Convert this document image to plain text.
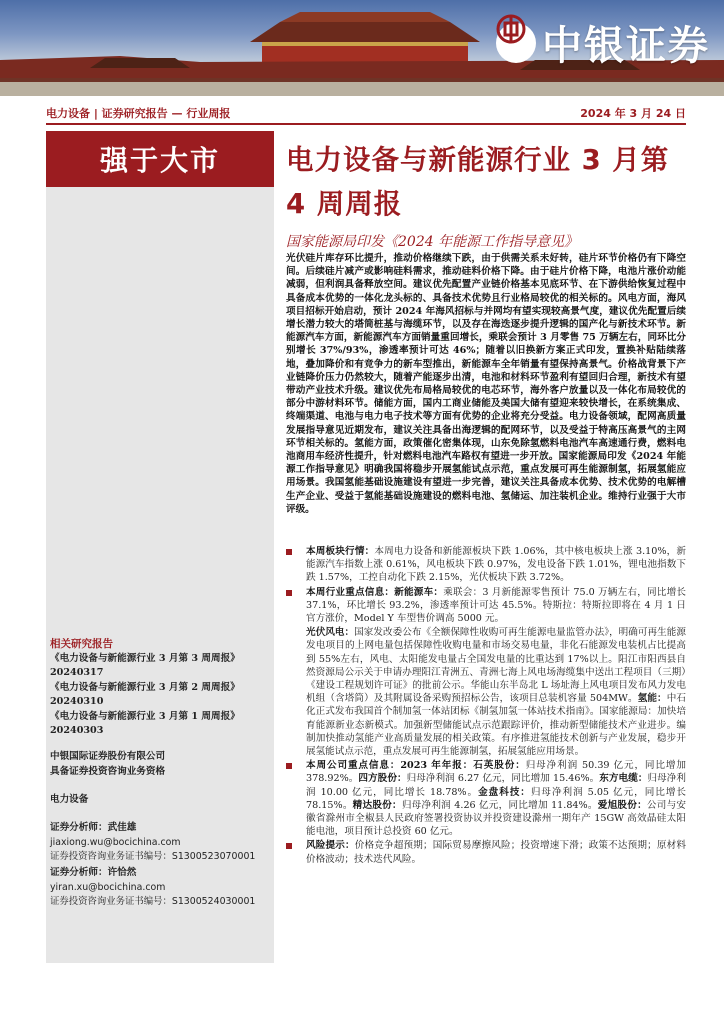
中银证券
电力设备 | 证券研究报告 — 行业周报	2024 年 3 月 24 日
强于大市
相关研究报告
《电力设备与新能源行业 3 月第 3 周周报》
20240317
《电力设备与新能源行业 3 月第 2 周周报》
20240310
《电力设备与新能源行业 3 月第 1 周周报》
20240303
中银国际证券股份有限公司
具备证券投资咨询业务资格
电力设备
证券分析师：武佳雄
jiaxiong.wu@bocichina.com
证券投资咨询业务证书编号：S1300523070001
证券分析师：许恰然
yiran.xu@bocichina.com
证券投资咨询业务证书编号：S1300524030001
电力设备与新能源行业 3 月第 4 周周报
国家能源局印发《2024 年能源工作指导意见》
光伏硅片库存环比提升，推动价格继续下跌，由于供需关系未好转，硅片环节价格仍有下降空间。后续硅片减产或影响硅料需求，推动硅料价格下降。由于硅片价格下降，电池片涨价动能减弱，但利润具备释放空间。建议优先配置产业链价格基本见底环节、在下游供给恢复过程中具备成本优势的一体化龙头标的、具备技术优势且行业格局较优的相关标的。风电方面，海风项目招标开始启动，预计 2024 年海风招标与并网均有望实现较高景气度，建议优先配置后续增长潜力较大的塔筒桩基与海缆环节，以及存在海迭逐步提升逻辑的国产化与新技术环节。新能源汽车方面，新能源汽车方面销量重回增长，乘联会预计 3 月零售 75 万辆左右，同环比分别增长 37%/93%，渗透率预计可达 46%；随着以旧换新方案正式印发，置换补贴陆续落地，叠加降价和有竞争力的新车型推出，新能源车全年销量有望保持高景气。价格战背景下产业链降价压力仍然较大，随着产能逐步出清，电池和材料环节盈利有望回归合理，新技术有望带动产业技术升级。建议优先布局格局较优的电芯环节，海外客户放量以及一体化布局较优的部分中游材料环节。储能方面，国内工商业储能及美国大储有望迎来较快增长，在系统集成、终端渠道、电池与电力电子技术等方面有优势的企业将充分受益。电力设备领域，配网高质量发展指导意见近期发布，建议关注具备出海逻辑的配网环节，以及受益于特高压高景气的主网环节相关标的。氢能方面，政策催化密集体现，山东免除氢燃料电池汽车高速通行费，燃料电池商用车经济性提升，针对燃料电池汽车路权有望进一步开放。国家能源局印发《2024 年能源工作指导意见》明确我国将稳步开展氢能试点示范，重点发展可再生能源制氢，拓展氢能应用场景。我国氢能基础设施建设有望进一步完善，建议关注具备成本优势、技术优势的电解槽生产企业、受益于氢能基础设施建设的燃料电池、氢储运、加注装机企业。维持行业强于大市评级。
本周板块行情：本周电力设备和新能源板块下跌 1.06%，其中核电板块上涨 3.10%，新能源汽车指数上涨 0.61%，风电板块下跌 0.97%，发电设备下跌 1.01%，锂电池指数下跌 1.57%，工控自动化下跌 2.15%，光伏板块下跌 3.72%。
本周行业重点信息：新能源车：乘联会：3 月新能源零售预计 75.0 万辆左右，同比增长 37.1%，环比增长 93.2%，渗透率预计可达 45.5%。特斯拉：特斯拉即将在 4 月 1 日官方涨价，Model Y 车型售价调高 5000 元。
光伏风电：国家发改委公布《全额保障性收购可再生能源电量监管办法》，明确可再生能源发电项目的上网电量包括保障性收购电量和市场交易电量，非化石能源发电装机占比提高到 55%左右，风电、太阳能发电量占全国发电量的比重达到 17%以上。阳江市阳西县自然资源局公示关于申请办理阳江青洲五、青洲七海上风电场海缆集中送出工程项目（三期）《建设工程规划许可证》的批前公示。华能山东半岛北 L 场址海上风电项目发布风力发电机组（含塔筒）及其附属设备采购预招标公告，该项目总装机容量 504MW。氢能：中石化正式发布我国首个制加氢一体站团标《制氢加氢一体站技术指南》。国家能源局：加快培育能源新业态新模式。加强新型储能试点示范跟踪评价，推动新型储能技术产业进步。编制加快推动氢能产业高质量发展的相关政策。有序推进氢能技术创新与产业发展，稳步开展氢能试点示范，重点发展可再生能源制氢，拓展氢能应用场景。
本周公司重点信息：2023 年年报：石英股份：归母净利润 50.39 亿元，同比增加 378.92%。四方股份：归母净利润 6.27 亿元，同比增加 15.46%。东方电缆：归母净利润 10.00 亿元，同比增长 18.78%。金盘科技：归母净利润 5.05 亿元，同比增长 78.15%。精达股份：归母净利润 4.26 亿元，同比增加 11.84%。爱旭股份：公司与安徽省滁州市全椒县人民政府签署投资协议并投资建设滁州一期年产 15GW 高效晶硅太阳能电池，项目预计总投资 60 亿元。
风险提示：价格竞争超预期；国际贸易摩擦风险；投资增速下滑；政策不达预期；原材料价格波动；技术迭代风险。
